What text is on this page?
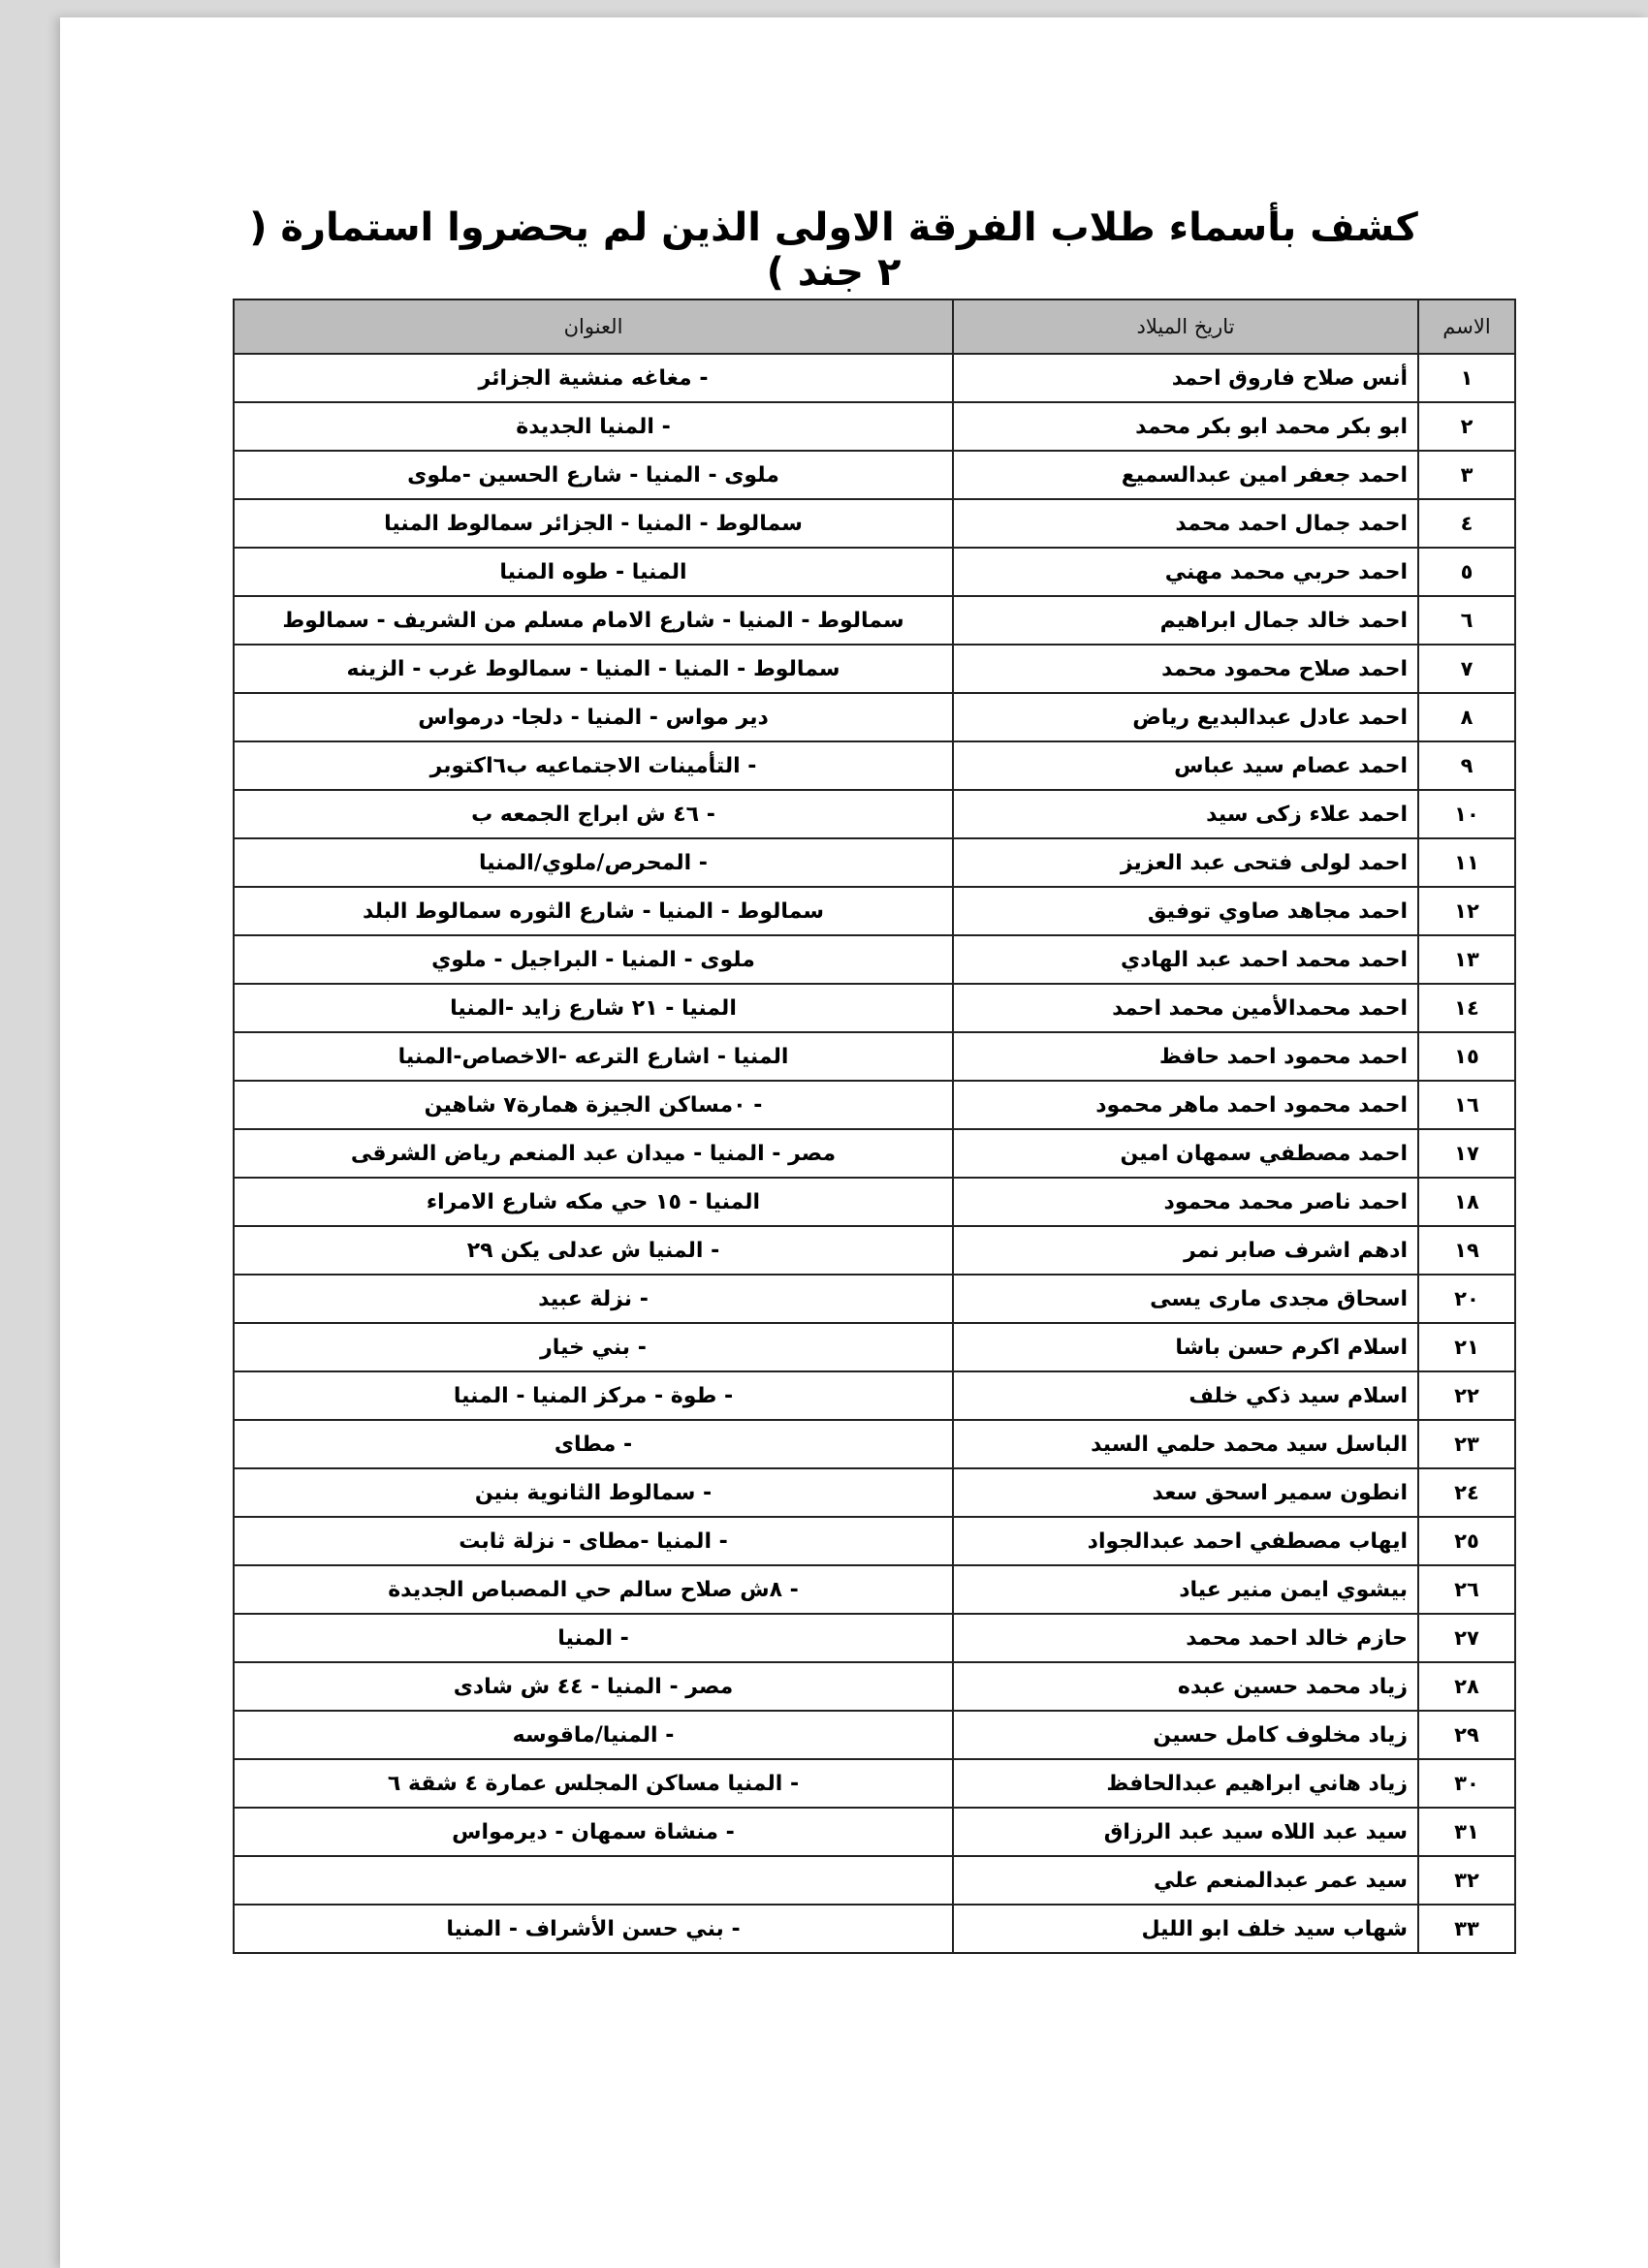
كشف بأسماء طلاب الفرقة الاولى الذين لم يحضروا استمارة ( ٢ جند )
الاسم	تاريخ الميلاد	العنوان
١	أنس صلاح فاروق احمد	- مغاغه منشية الجزائر
٢	ابو بكر محمد ابو بكر محمد	- المنيا الجديدة
٣	احمد جعفر امين عبدالسميع	ملوى - المنيا - شارع الحسين -ملوى
٤	احمد جمال احمد محمد	سمالوط - المنيا - الجزائر سمالوط المنيا
٥	احمد حربي محمد مهني	المنيا - طوه المنيا
٦	احمد خالد جمال ابراهيم	سمالوط - المنيا - شارع الامام مسلم من الشريف - سمالوط
٧	احمد صلاح محمود محمد	سمالوط - المنيا - المنيا - سمالوط غرب - الزينه
٨	احمد عادل عبدالبديع رياض	دير مواس - المنيا - دلجا- درمواس
٩	احمد عصام سيد عباس	- التأمينات الاجتماعيه ب٦اكتوبر
١٠	احمد علاء زكى سيد	- ٤٦ ش ابراج الجمعه ب
١١	احمد لولى فتحى عبد العزيز	- المحرص/ملوي/المنيا
١٢	احمد مجاهد صاوي توفيق	سمالوط - المنيا - شارع الثوره سمالوط البلد
١٣	احمد محمد احمد عبد الهادي	ملوى - المنيا - البراجيل - ملوي
١٤	احمد محمدالأمين محمد احمد	المنيا - ٢١ شارع زايد -المنيا
١٥	احمد محمود احمد حافظ	المنيا - اشارع الترعه -الاخصاص-المنيا
١٦	احمد محمود احمد ماهر محمود	- ٠مساكن الجيزة همارة٧ شاهين
١٧	احمد مصطفي سمهان امين	مصر - المنيا - ميدان عبد المنعم رياض الشرقى
١٨	احمد ناصر محمد محمود	المنيا - ١٥ حي مكه شارع الامراء
١٩	ادهم اشرف صابر نمر	- المنيا ش عدلى يكن ٢٩
٢٠	اسحاق مجدى مارى يسى	- نزلة عبيد
٢١	اسلام اكرم حسن باشا	- بني خيار
٢٢	اسلام سيد ذكي خلف	- طوة - مركز المنيا - المنيا
٢٣	الباسل سيد محمد حلمي السيد	- مطاى
٢٤	انطون سمير اسحق سعد	- سمالوط الثانوية بنين
٢٥	ايهاب مصطفي احمد عبدالجواد	- المنيا -مطاى - نزلة ثابت
٢٦	بيشوي ايمن منير عياد	- ٨ش صلاح سالم حي المصباص الجديدة
٢٧	حازم خالد احمد محمد	- المنيا
٢٨	زياد محمد حسين عبده	مصر - المنيا - ٤٤ ش شادى
٢٩	زياد مخلوف كامل حسين	- المنيا/ماقوسه
٣٠	زياد هاني ابراهيم عبدالحافظ	- المنيا مساكن المجلس عمارة ٤ شقة ٦
٣١	سيد عبد اللاه سيد عبد الرزاق	- منشاة سمهان - ديرمواس
٣٢	سيد عمر عبدالمنعم علي	
٣٣	شهاب سيد خلف ابو الليل	- بني حسن الأشراف - المنيا
